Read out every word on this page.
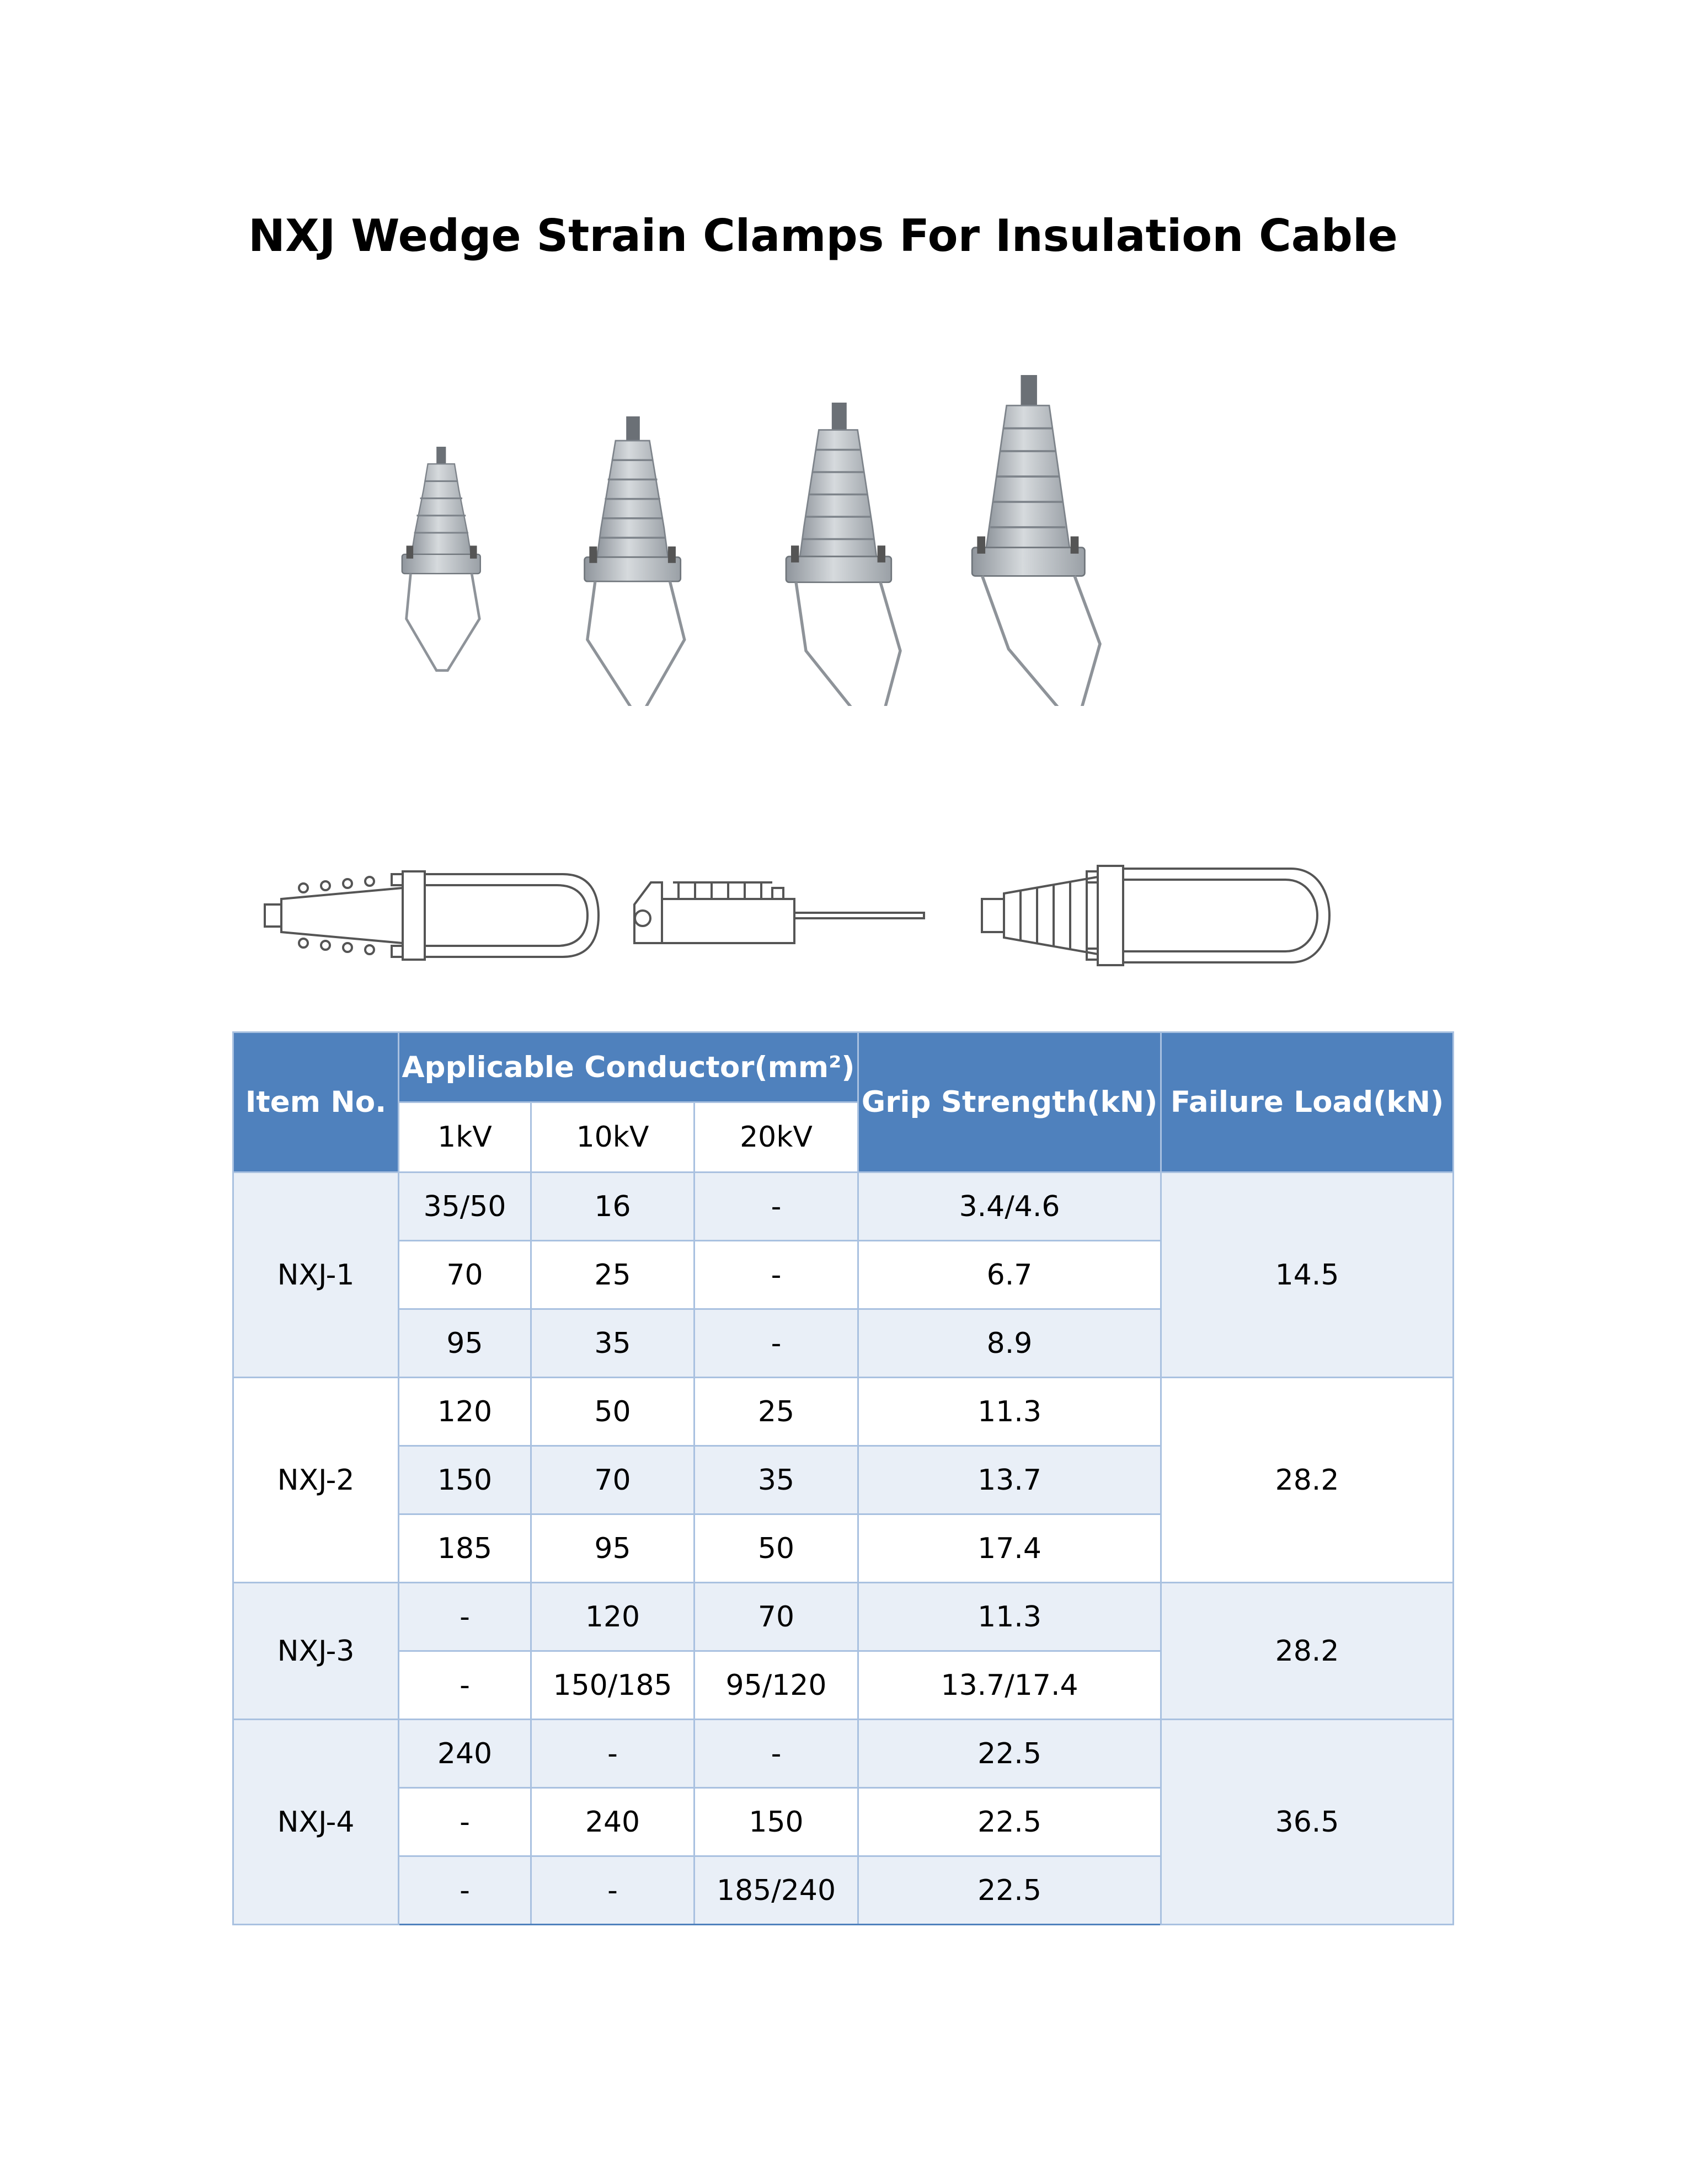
NXJ Wedge Strain Clamps For Insulation Cable
Item No.	Applicable Conductor(mm²)			Grip Strength(kN)	Failure Load(kN)
	1kV	10kV	20kV		
NXJ-1	35/50	16	-	3.4/4.6	14.5
	70	25	-	6.7	
	95	35	-	8.9	
NXJ-2	120	50	25	11.3	28.2
	150	70	35	13.7	
	185	95	50	17.4	
NXJ-3	-	120	70	11.3	28.2
	-	150/185	95/120	13.7/17.4	
NXJ-4	240	-	-	22.5	36.5
	-	240	150	22.5	
	-	-	185/240	22.5	
